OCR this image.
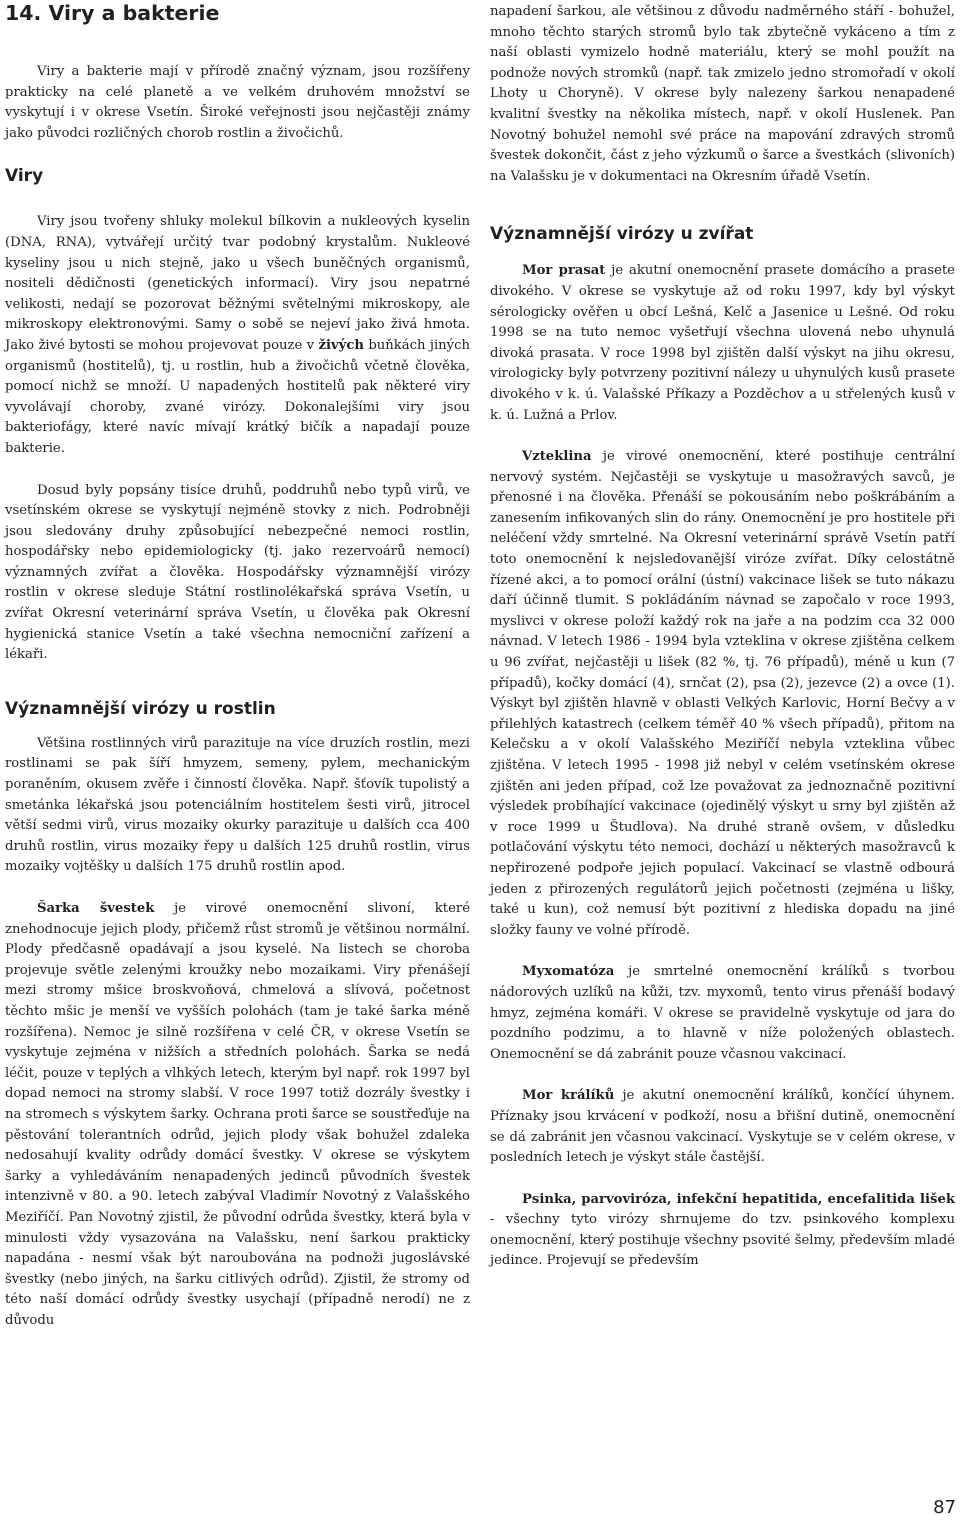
14. Viry a bakterie

Viry a bakterie mají v přírodě značný význam, jsou rozšířeny prakticky na celé planetě a ve velkém druhovém množství se vyskytují i v okrese Vsetín. Široké veřejnosti jsou nejčastěji známy jako původci rozličných chorob rostlin a živočichů.

Viry

Viry jsou tvořeny shluky molekul bílkovin a nukleových kyselin (DNA, RNA), vytvářejí určitý tvar podobný krystalům. Nukleové kyseliny jsou u nich stejně, jako u všech buněčných organismů, nositeli dědičnosti (genetických informací). Viry jsou nepatrné velikosti, nedají se pozorovat běžnými světelnými mikroskopy, ale mikroskopy elektronovými. Samy o sobě se nejeví jako živá hmota. Jako živé bytosti se mohou projevovat pouze v živých buňkách jiných organismů (hostitelů), tj. u rostlin, hub a živočichů včetně člověka, pomocí nichž se množí. U napadených hostitelů pak některé viry vyvolávají choroby, zvané virózy. Dokonalejšími viry jsou bakteriofágy, které navíc mívají krátký bičík a napadají pouze bakterie.

Dosud byly popsány tisíce druhů, poddruhů nebo typů virů, ve vsetínském okrese se vyskytují nejméně stovky z nich. Podrobněji jsou sledovány druhy způsobující nebezpečné nemoci rostlin, hospodářsky nebo epidemiologicky (tj. jako rezervoárů nemocí) významných zvířat a člověka. Hospodářsky významnější virózy rostlin v okrese sleduje Státní rostlinolékařská správa Vsetín, u zvířat Okresní veterinární správa Vsetín, u člověka pak Okresní hygienická stanice Vsetín a také všechna nemocniční zařízení a lékaři.

Významnější virózy u rostlin

Většina rostlinných virů parazituje na více druzích rostlin, mezi rostlinami se pak šíří hmyzem, semeny, pylem, mechanickým poraněním, okusem zvěře i činností člověka. Např. šťovík tupolistý a smetánka lékařská jsou potenciálním hostitelem šesti virů, jitrocel větší sedmi virů, virus mozaiky okurky parazituje u dalších cca 400 druhů rostlin, virus mozaiky řepy u dalších 125 druhů rostlin, virus mozaiky vojtěšky u dalších 175 druhů rostlin apod.

Šarka švestek je virové onemocnění slivoní, které znehodnocuje jejich plody, přičemž růst stromů je většinou normální. Plody předčasně opadávají a jsou kyselé. Na listech se choroba projevuje světle zelenými kroužky nebo mozaikami. Viry přenášejí mezi stromy mšice broskvoňová, chmelová a slívová, početnost těchto mšic je menší ve vyšších polohách (tam je také šarka méně rozšířena). Nemoc je silně rozšířena v celé ČR, v okrese Vsetín se vyskytuje zejména v nižších a středních polohách. Šarka se nedá léčit, pouze v teplých a vlhkých letech, kterým byl např. rok 1997 byl dopad nemoci na stromy slabší. V roce 1997 totiž dozrály švestky i na stromech s výskytem šarky. Ochrana proti šarce se soustřeďuje na pěstování tolerantních odrůd, jejich plody však bohužel zdaleka nedosahují kvality odrůdy domácí švestky. V okrese se výskytem šarky a vyhledáváním nenapadených jedinců původních švestek intenzivně v 80. a 90. letech zabýval Vladimír Novotný z Valašského Meziříčí. Pan Novotný zjistil, že původní odrůda švestky, která byla v minulosti vždy vysazována na Valašsku, není šarkou prakticky napadána - nesmí však být naroubována na podnoži jugoslávské švestky (nebo jiných, na šarku citlivých odrůd). Zjistil, že stromy od této naší domácí odrůdy švestky usychají (případně nerodí) ne z důvodu

napadení šarkou, ale většinou z důvodu nadměrného stáří - bohužel, mnoho těchto starých stromů bylo tak zbytečně vykáceno a tím z naší oblasti vymizelo hodně materiálu, který se mohl použít na podnože nových stromků (např. tak zmizelo jedno stromořadí v okolí Lhoty u Choryně). V okrese byly nalezeny šarkou nenapadené kvalitní švestky na několika místech, např. v okolí Huslenek. Pan Novotný bohužel nemohl své práce na mapování zdravých stromů švestek dokončit, část z jeho výzkumů o šarce a švestkách (slivoních) na Valašsku je v dokumentaci na Okresním úřadě Vsetín.

Významnější virózy u zvířat

Mor prasat je akutní onemocnění prasete domácího a prasete divokého. V okrese se vyskytuje až od roku 1997, kdy byl výskyt sérologicky ověřen u obcí Lešná, Kelč a Jasenice u Lešné. Od roku 1998 se na tuto nemoc vyšetřují všechna ulovená nebo uhynulá divoká prasata. V roce 1998 byl zjištěn další výskyt na jihu okresu, virologicky byly potvrzeny pozitivní nálezy u uhynulých kusů prasete divokého v k. ú. Valašské Příkazy a Pozděchov a u střelených kusů v k. ú. Lužná a Prlov.

Vzteklina je virové onemocnění, které postihuje centrální nervový systém. Nejčastěji se vyskytuje u masožravých savců, je přenosné i na člověka. Přenáší se pokousáním nebo poškrábáním a zanesením infikovaných slin do rány. Onemocnění je pro hostitele při neléčení vždy smrtelné. Na Okresní veterinární správě Vsetín patří toto onemocnění k nejsledovanější viróze zvířat. Díky celostátně řízené akci, a to pomocí orální (ústní) vakcinace lišek se tuto nákazu daří účinně tlumit. S pokládáním návnad se započalo v roce 1993, myslivci v okrese položí každý rok na jaře a na podzim cca 32 000 návnad. V letech 1986 - 1994 byla vzteklina v okrese zjištěna celkem u 96 zvířat, nejčastěji u lišek (82 %, tj. 76 případů), méně u kun (7 případů), kočky domácí (4), srnčat (2), psa (2), jezevce (2) a ovce (1). Výskyt byl zjištěn hlavně v oblasti Velkých Karlovic, Horní Bečvy a v přilehlých katastrech (celkem téměř 40 % všech případů), přitom na Kelečsku a v okolí Valašského Meziříčí nebyla vzteklina vůbec zjištěna. V letech 1995 - 1998 již nebyl v celém vsetínském okrese zjištěn ani jeden případ, což lze považovat za jednoznačně pozitivní výsledek probíhající vakcinace (ojedinělý výskyt u srny byl zjištěn až v roce 1999 u Študlova). Na druhé straně ovšem, v důsledku potlačování výskytu této nemoci, dochází u některých masožravců k nepřirozené podpoře jejich populací. Vakcinací se vlastně odbourá jeden z přirozených regulátorů jejich početnosti (zejména u lišky, také u kun), což nemusí být pozitivní z hlediska dopadu na jiné složky fauny ve volné přírodě.

Myxomatóza je smrtelné onemocnění králíků s tvorbou nádorových uzlíků na kůži, tzv. myxomů, tento virus přenáší bodavý hmyz, zejména komáři. V okrese se pravidelně vyskytuje od jara do pozdního podzimu, a to hlavně v níže položených oblastech. Onemocnění se dá zabránit pouze včasnou vakcinací.

Mor králíků je akutní onemocnění králíků, končící úhynem. Příznaky jsou krvácení v podkoží, nosu a břišní dutině, onemocnění se dá zabránit jen včasnou vakcinací. Vyskytuje se v celém okrese, v posledních letech je výskyt stále častější.

Psinka, parvoviróza, infekční hepatitida, encefalitida lišek - všechny tyto virózy shrnujeme do tzv. psinkového komplexu onemocnění, který postihuje všechny psovité šelmy, především mladé jedince. Projevují se především

87
